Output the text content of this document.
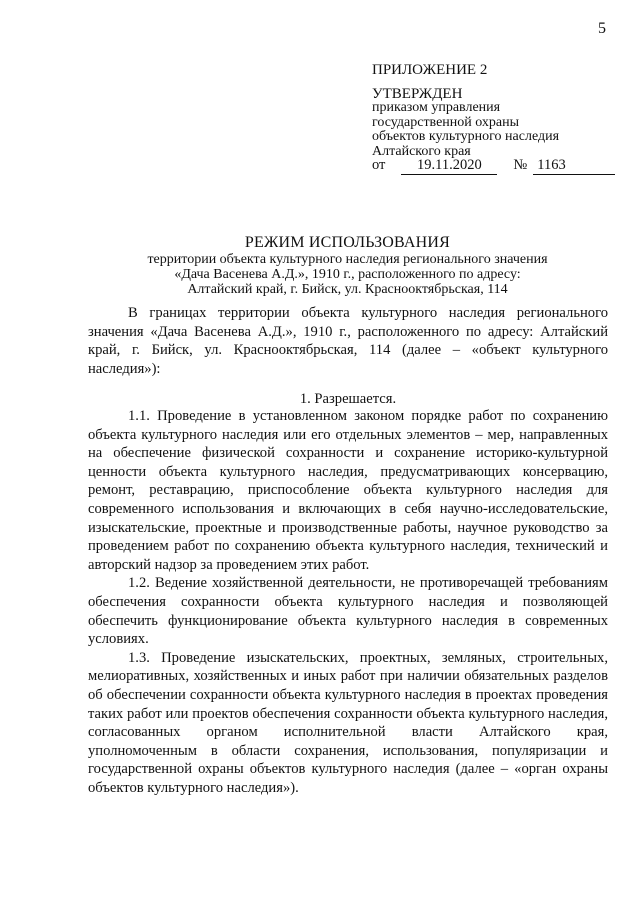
5
ПРИЛОЖЕНИЕ 2
УТВЕРЖДЕН
приказом управления
государственной охраны
объектов культурного наследия
Алтайского края
от 19.11.2020 № 1163
РЕЖИМ ИСПОЛЬЗОВАНИЯ
территории объекта культурного наследия регионального значения
«Дача Васенева А.Д.», 1910 г., расположенного по адресу:
Алтайский край, г. Бийск, ул. Краснооктябрьская, 114
В границах территории объекта культурного наследия регионального значения «Дача Васенева А.Д.», 1910 г., расположенного по адресу: Алтайский край, г. Бийск, ул. Краснооктябрьская, 114 (далее – «объект культурного наследия»):
1. Разрешается.

1.1. Проведение в установленном законом порядке работ по сохранению объекта культурного наследия или его отдельных элементов – мер, направленных на обеспечение физической сохранности и сохранение историко-культурной ценности объекта культурного наследия, предусматривающих консервацию, ремонт, реставрацию, приспособление объекта культурного наследия для современного использования и включающих в себя научно-исследовательские, изыскательские, проектные и производственные работы, научное руководство за проведением работ по сохранению объекта культурного наследия, технический и авторский надзор за проведением этих работ.

1.2. Ведение хозяйственной деятельности, не противоречащей требованиям обеспечения сохранности объекта культурного наследия и позволяющей обеспечить функционирование объекта культурного наследия в современных условиях.

1.3. Проведение изыскательских, проектных, земляных, строительных, мелиоративных, хозяйственных и иных работ при наличии обязательных разделов об обеспечении сохранности объекта культурного наследия в проектах проведения таких работ или проектов обеспечения сохранности объекта культурного наследия, согласованных органом исполнительной власти Алтайского края, уполномоченным в области сохранения, использования, популяризации и государственной охраны объектов культурного наследия (далее – «орган охраны объектов культурного наследия»).
